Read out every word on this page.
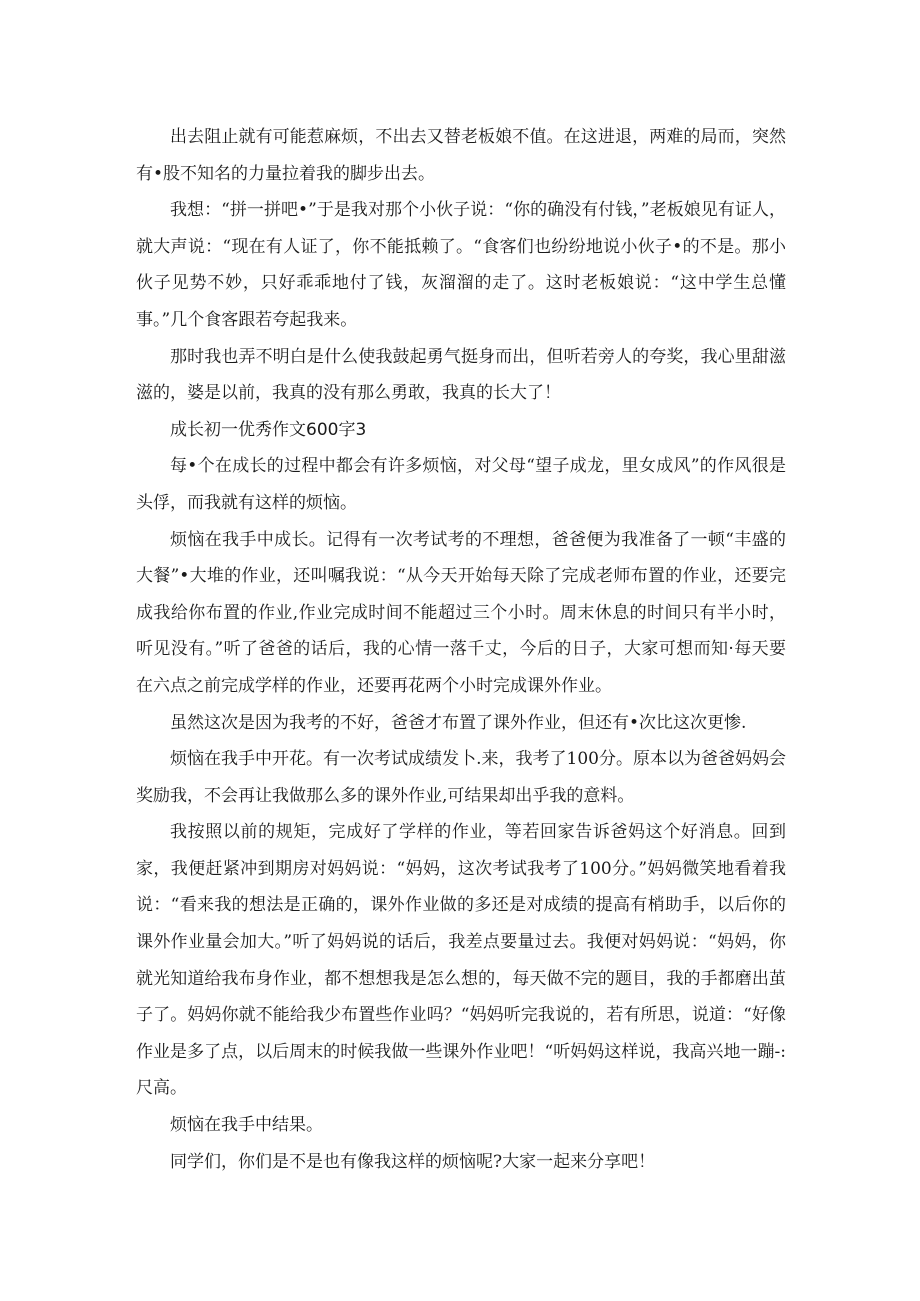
出去阻止就有可能惹麻烦，不出去又替老板娘不值。在这进退，两难的局而，突然有•股不知名的力量拉着我的脚步出去。

我想：“拼一拼吧•”于是我对那个小伙子说：“你的确没有付钱，”老板娘见有证人，就大声说：“现在有人证了，你不能抵赖了。“食客们也纷纷地说小伙子•的不是。那小伙子见势不妙，只好乖乖地付了钱，灰溜溜的走了。这时老板娘说：“这中学生总懂事。”几个食客跟若夸起我来。

那时我也弄不明白是什么使我鼓起勇气挺身而出，但听若旁人的夸奖，我心里甜滋滋的，婆是以前，我真的没有那么勇敢，我真的长大了！

成长初一优秀作文600字3

每•个在成长的过程中都会有许多烦恼，对父母“望子成龙，里女成风”的作风很是头俘，而我就有这样的烦恼。

烦恼在我手中成长。记得有一次考试考的不理想，爸爸便为我准备了一顿“丰盛的大餐”•大堆的作业，还叫嘱我说：“从今天开始每天除了完成老师布置的作业，还要完成我给你布置的作业,作业完成时间不能超过三个小时。周末休息的时间只有半小时，听见没有。”听了爸爸的话后，我的心情一落千丈，今后的日子，大家可想而知·每天要在六点之前完成学样的作业，还要再花两个小时完成课外作业。

虽然这次是因为我考的不好，爸爸才布置了课外作业，但还有•次比这次更惨.

烦恼在我手中开花。有一次考试成绩发卜.来，我考了100分。原本以为爸爸妈妈会奖励我，不会再让我做那么多的课外作业,可结果却出乎我的意料。

我按照以前的规矩，完成好了学样的作业，等若回家告诉爸妈这个好消息。回到家，我便赶紧冲到期房对妈妈说：“妈妈，这次考试我考了100分。”妈妈微笑地看着我说：“看来我的想法是正确的，课外作业做的多还是对成绩的提高有梢助手，以后你的课外作业量会加大。”听了妈妈说的话后，我差点要量过去。我便对妈妈说：“妈妈，你就光知道给我布身作业，都不想想我是怎么想的，每天做不完的题目，我的手都磨出茧子了。妈妈你就不能给我少布置些作业吗？“妈妈听完我说的，若有所思，说道：“好像作业是多了点，以后周末的时候我做一些课外作业吧！“听妈妈这样说，我高兴地一蹦-:尺高。

烦恼在我手中结果。

同学们，你们是不是也有像我这样的烦恼呢?大家一起来分享吧！
